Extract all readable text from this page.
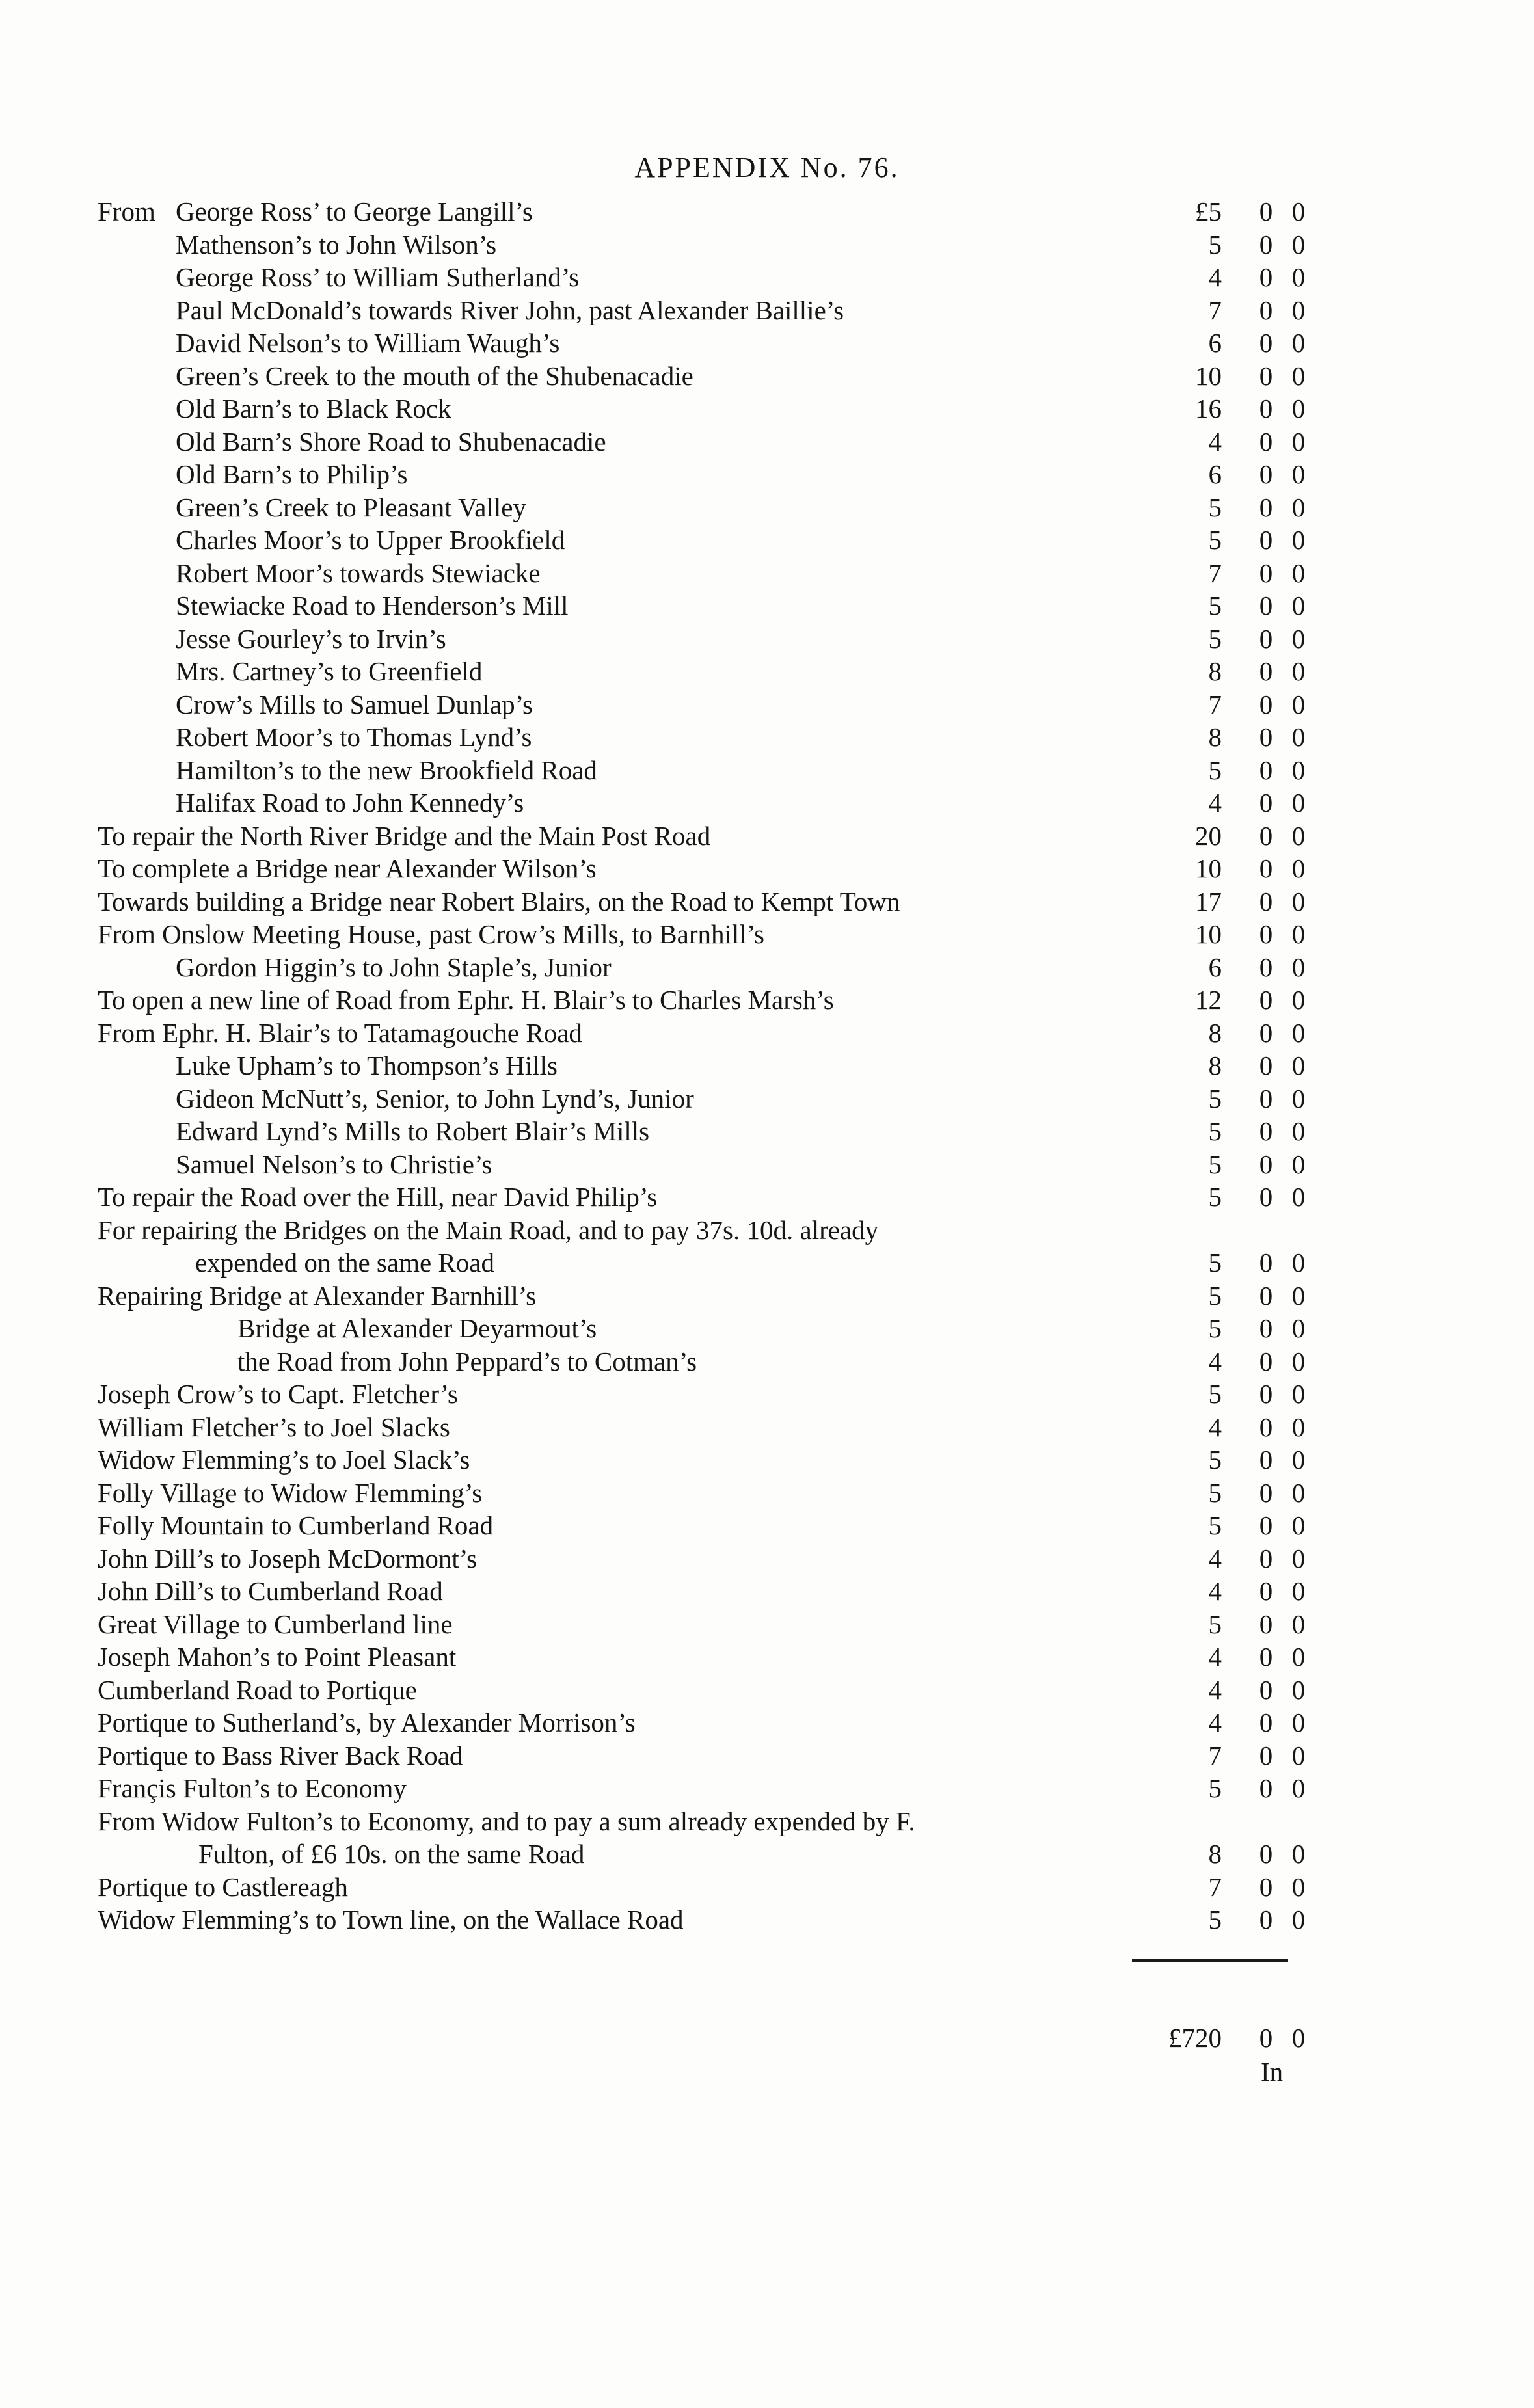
APPENDIX No. 76.
From George Ross’ to George Langill’s	£5	0 0
Mathenson’s to John Wilson’s	5	0 0
George Ross’ to William Sutherland’s	4	0 0
Paul McDonald’s towards River John, past Alexander Baillie’s	7	0 0
David Nelson’s to William Waugh’s	6	0 0
Green’s Creek to the mouth of the Shubenacadie	10	0 0
Old Barn’s to Black Rock	16	0 0
Old Barn’s Shore Road to Shubenacadie	4	0 0
Old Barn’s to Philip’s	6	0 0
Green’s Creek to Pleasant Valley	5	0 0
Charles Moor’s to Upper Brookfield	5	0 0
Robert Moor’s towards Stewiacke	7	0 0
Stewiacke Road to Henderson’s Mill	5	0 0
Jesse Gourley’s to Irvin’s	5	0 0
Mrs. Cartney’s to Greenfield	8	0 0
Crow’s Mills to Samuel Dunlap’s	7	0 0
Robert Moor’s to Thomas Lynd’s	8	0 0
Hamilton’s to the new Brookfield Road	5	0 0
Halifax Road to John Kennedy’s	4	0 0
To repair the North River Bridge and the Main Post Road	20	0 0
To complete a Bridge near Alexander Wilson’s	10	0 0
Towards building a Bridge near Robert Blairs, on the Road to Kempt Town	17	0 0
From Onslow Meeting House, past Crow’s Mills, to Barnhill’s	10	0 0
Gordon Higgin’s to John Staple’s, Junior	6	0 0
To open a new line of Road from Ephr. H. Blair’s to Charles Marsh’s	12	0 0
From Ephr. H. Blair’s to Tatamagouche Road	8	0 0
Luke Upham’s to Thompson’s Hills	8	0 0
Gideon McNutt’s, Senior, to John Lynd’s, Junior	5	0 0
Edward Lynd’s Mills to Robert Blair’s Mills	5	0 0
Samuel Nelson’s to Christie’s	5	0 0
To repair the Road over the Hill, near David Philip’s	5	0 0
For repairing the Bridges on the Main Road, and to pay 37s. 10d. already
expended on the same Road	5	0 0
Repairing Bridge at Alexander Barnhill’s	5	0 0
Bridge at Alexander Deyarmout’s	5	0 0
the Road from John Peppard’s to Cotman’s	4	0 0
Joseph Crow’s to Capt. Fletcher’s	5	0 0
William Fletcher’s to Joel Slacks	4	0 0
Widow Flemming’s to Joel Slack’s	5	0 0
Folly Village to Widow Flemming’s	5	0 0
Folly Mountain to Cumberland Road	5	0 0
John Dill’s to Joseph McDormont’s	4	0 0
John Dill’s to Cumberland Road	4	0 0
Great Village to Cumberland line	5	0 0
Joseph Mahon’s to Point Pleasant	4	0 0
Cumberland Road to Portique	4	0 0
Portique to Sutherland’s, by Alexander Morrison’s	4	0 0
Portique to Bass River Back Road	7	0 0
Françis Fulton’s to Economy	5	0 0
From Widow Fulton’s to Economy, and to pay a sum already expended by F.
Fulton, of £6 10s. on the same Road	8	0 0
Portique to Castlereagh	7	0 0
Widow Flemming’s to Town line, on the Wallace Road	5	0 0
£720	0 0
In
